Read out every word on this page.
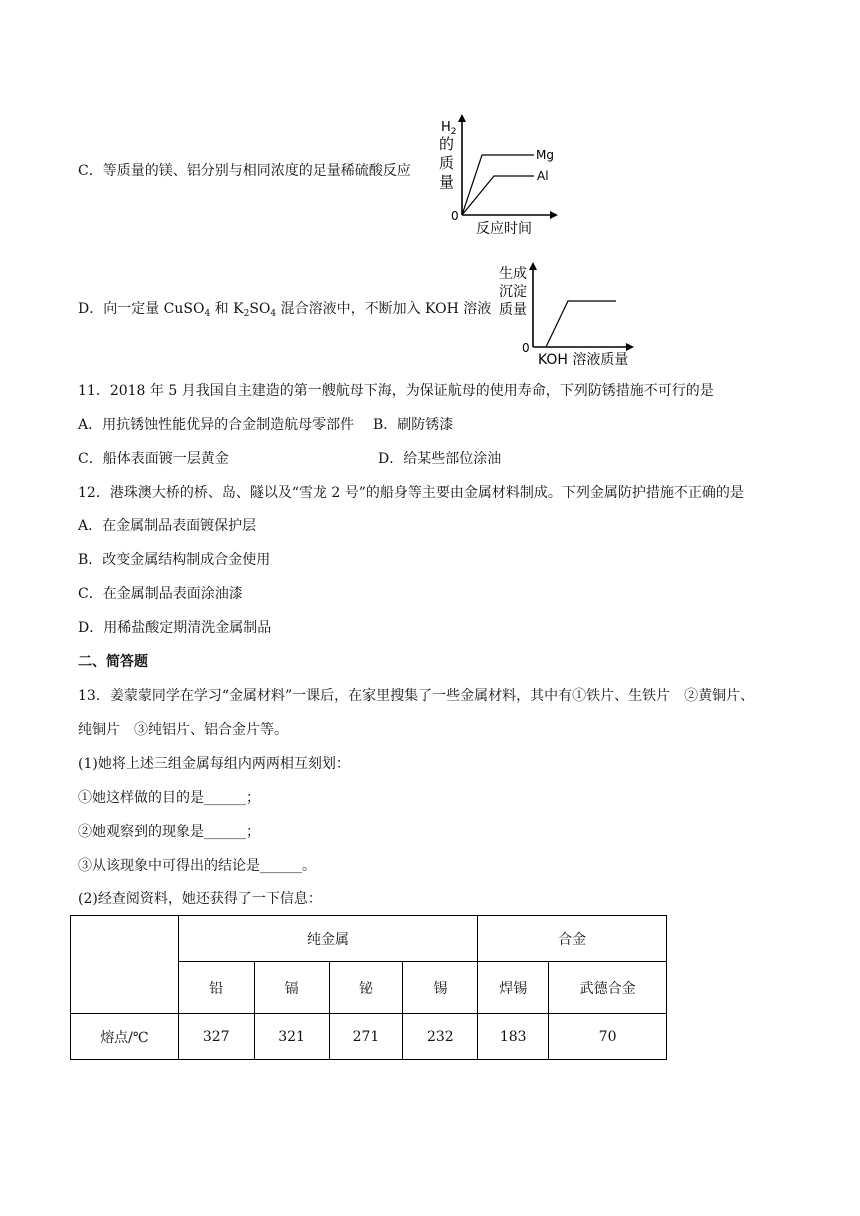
C．等质量的镁、铝分别与相同浓度的足量稀硫酸反应
$H_2$
的
质
量
0
Mg
Al
反应时间
D．向一定量 CuSO$_4$ 和 $K_2SO_4$ 混合溶液中，不断加入 KOH 溶液
生成
沉淀
质量
0
KOH 溶液质量
11．2018 年 5 月我国自主建造的第一艘航母下海，为保证航母的使用寿命，下列防锈措施不可行的是
A．用抗锈蚀性能优异的合金制造航母零部件 B．刷防锈漆
C．船体表面镀一层黄金	D．给某些部位涂油
12．港珠澳大桥的桥、岛、隧以及“雪龙 2 号”的船身等主要由金属材料制成。下列金属防护措施不正确的是
A．在金属制品表面镀保护层
B．改变金属结构制成合金使用
C．在金属制品表面涂油漆
D．用稀盐酸定期清洗金属制品
二、简答题
13．姜蒙蒙同学在学习“金属材料”一课后，在家里搜集了一些金属材料，其中有①铁片、生铁片　②黄铜片、
纯铜片　③纯铝片、铝合金片等。
(1)她将上述三组金属每组内两两相互刻划：
①她这样做的目的是______；
②她观察到的现象是______；
③从该现象中可得出的结论是______。
(2)经查阅资料，她还获得了一下信息：
	纯金属				合金	
	铅	镉	铋	锡	焊锡	武德合金
熔点/℃	327	321	271	232	183	70
